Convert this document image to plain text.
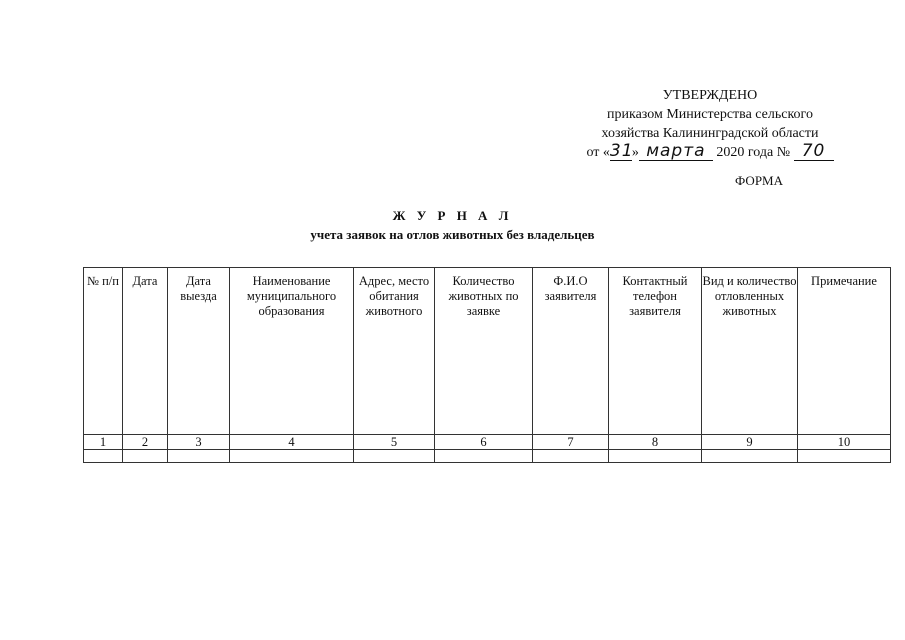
УТВЕРЖДЕНО
приказом Министерства сельского
хозяйства Калининградской области
от «31» марта 2020 года № 70
ФОРМА
Ж У Р Н А Л
учета заявок на отлов животных без владельцев
№ п/п	Дата	Дата выезда	Наименование муниципального образования	Адрес, место обитания животного	Количество животных по заявке	Ф.И.О заявителя	Контактный телефон заявителя	Вид и количество отловленных животных	Примечание
1	2	3	4	5	6	7	8	9	10
